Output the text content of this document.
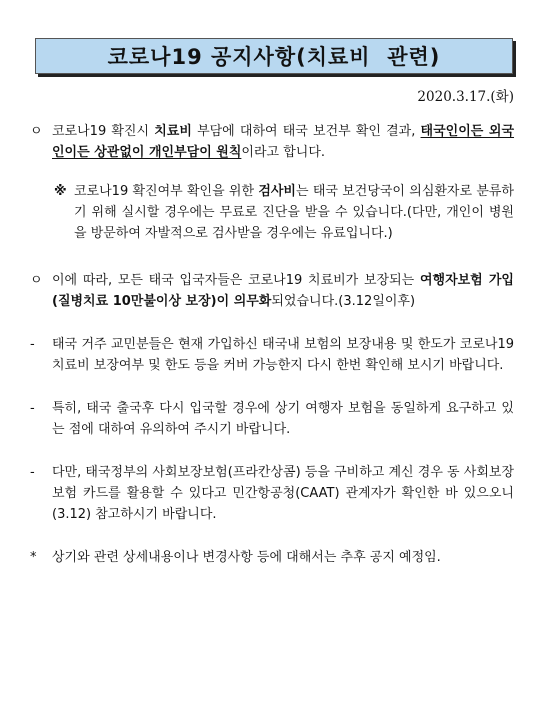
코로나19 공지사항(치료비  관련)
2020.3.17.(화)
ㅇ 코로나19 확진시 치료비 부담에 대하여 태국 보건부 확인 결과, 태국인이든 외국인이든 상관없이 개인부담이 원칙이라고 합니다.
※ 코로나19 확진여부 확인을 위한 검사비는 태국 보건당국이 의심환자로 분류하기 위해 실시할 경우에는 무료로 진단을 받을 수 있습니다.(다만, 개인이 병원을 방문하여 자발적으로 검사받을 경우에는 유료입니다.)
ㅇ 이에 따라, 모든 태국 입국자들은 코로나19 치료비가 보장되는 여행자보험 가입(질병치료 10만불이상 보장)이 의무화되었습니다.(3.12일이후)
-	태국 거주 교민분들은 현재 가입하신 태국내 보험의 보장내용 및 한도가 코로나19 치료비 보장여부 및 한도 등을 커버 가능한지 다시 한번 확인해 보시기 바랍니다.
-	특히, 태국 출국후 다시 입국할 경우에 상기 여행자 보험을 동일하게 요구하고 있는 점에 대하여 유의하여 주시기 바랍니다.
-	다만, 태국정부의 사회보장보험(프라칸상콤) 등을 구비하고 계신 경우 동 사회보장보험 카드를 활용할 수 있다고 민간항공청(CAAT) 관계자가 확인한 바 있으오니(3.12) 참고하시기 바랍니다.
*	상기와 관련 상세내용이나 변경사항 등에 대해서는 추후 공지 예정임.
